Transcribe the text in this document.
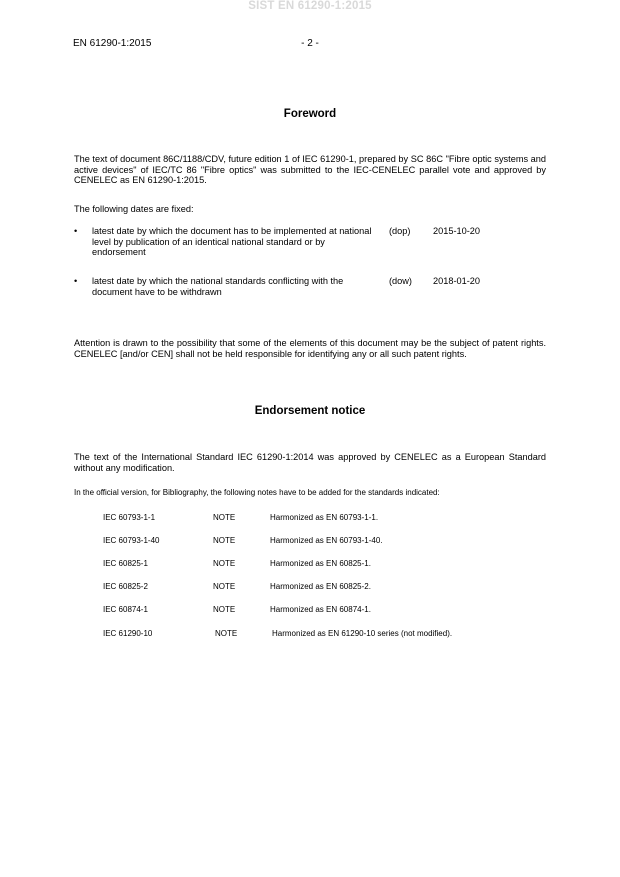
SIST EN 61290-1:2015
EN 61290-1:2015	- 2 -
Foreword
The text of document 86C/1188/CDV, future edition 1 of IEC 61290-1, prepared by SC 86C "Fibre optic systems and active devices" of IEC/TC 86 "Fibre optics" was submitted to the IEC-CENELEC parallel vote and approved by CENELEC as EN 61290-1:2015.
The following dates are fixed:
• latest date by which the document has to be implemented at national level by publication of an identical national standard or by endorsement
(dop) 2015-10-20
• latest date by which the national standards conflicting with the document have to be withdrawn
(dow) 2018-01-20
Attention is drawn to the possibility that some of the elements of this document may be the subject of patent rights. CENELEC [and/or CEN] shall not be held responsible for identifying any or all such patent rights.
Endorsement notice
The text of the International Standard IEC 61290-1:2014 was approved by CENELEC as a European Standard without any modification.
In the official version, for Bibliography, the following notes have to be added for the standards indicated:
IEC 60793-1-1	NOTE	Harmonized as EN 60793-1-1.
IEC 60793-1-40	NOTE	Harmonized as EN 60793-1-40.
IEC 60825-1	NOTE	Harmonized as EN 60825-1.
IEC 60825-2	NOTE	Harmonized as EN 60825-2.
IEC 60874-1	NOTE	Harmonized as EN 60874-1.
IEC 61290-10	NOTE	Harmonized as EN 61290-10 series (not modified).
